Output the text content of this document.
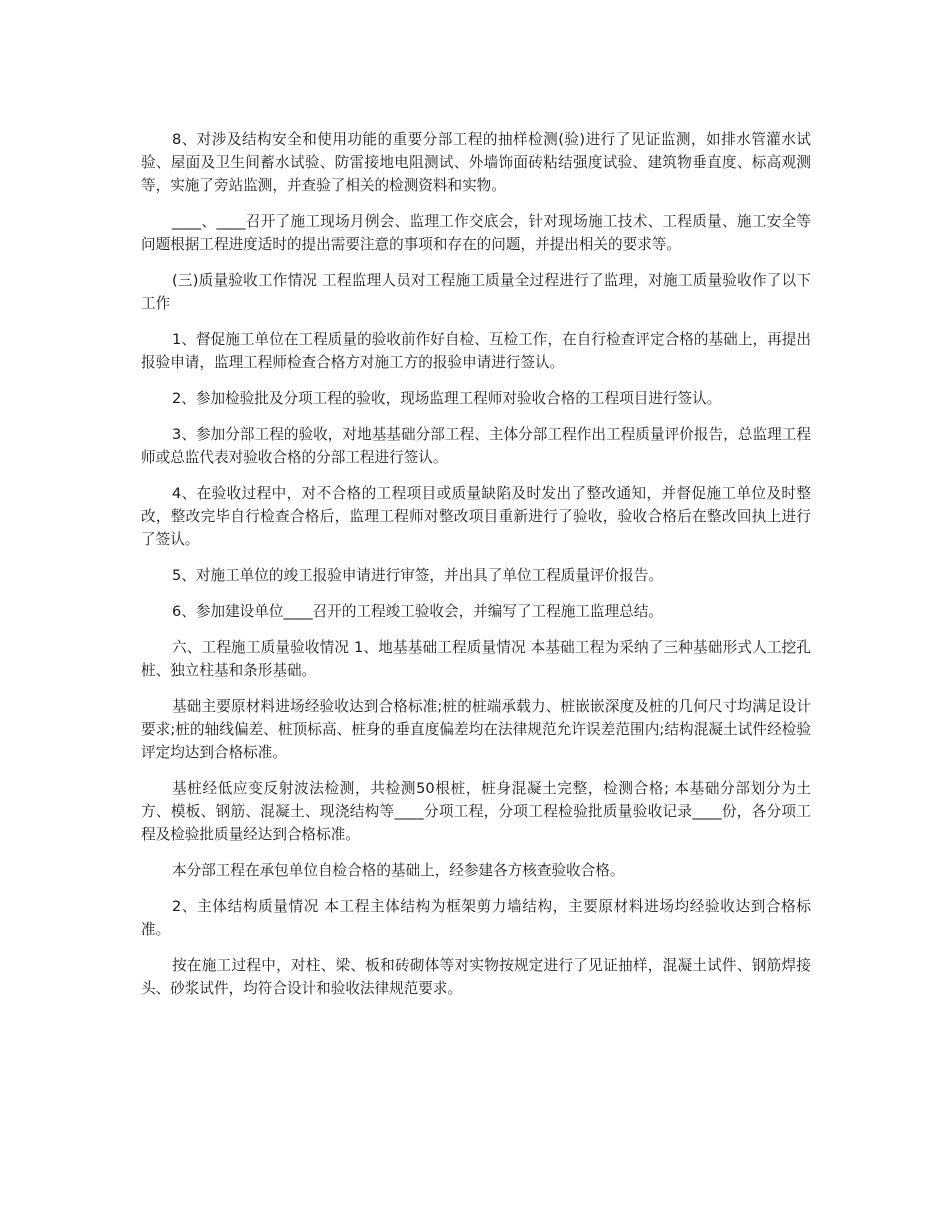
8、对涉及结构安全和使用功能的重要分部工程的抽样检测(验)进行了见证监测，如排水管灌水试验、屋面及卫生间蓄水试验、防雷接地电阻测试、外墙饰面砖粘结强度试验、建筑物垂直度、标高观测等，实施了旁站监测，并查验了相关的检测资料和实物。

____、____召开了施工现场月例会、监理工作交底会，针对现场施工技术、工程质量、施工安全等问题根据工程进度适时的提出需要注意的事项和存在的问题，并提出相关的要求等。

(三)质量验收工作情况 工程监理人员对工程施工质量全过程进行了监理，对施工质量验收作了以下工作

1、督促施工单位在工程质量的验收前作好自检、互检工作，在自行检查评定合格的基础上，再提出报验申请，监理工程师检查合格方对施工方的报验申请进行签认。

2、参加检验批及分项工程的验收，现场监理工程师对验收合格的工程项目进行签认。

3、参加分部工程的验收，对地基基础分部工程、主体分部工程作出工程质量评价报告，总监理工程师或总监代表对验收合格的分部工程进行签认。

4、在验收过程中，对不合格的工程项目或质量缺陷及时发出了整改通知，并督促施工单位及时整改，整改完毕自行检查合格后，监理工程师对整改项目重新进行了验收，验收合格后在整改回执上进行了签认。

5、对施工单位的竣工报验申请进行审签，并出具了单位工程质量评价报告。

6、参加建设单位____召开的工程竣工验收会，并编写了工程施工监理总结。

六、工程施工质量验收情况 1、地基基础工程质量情况 本基础工程为采纳了三种基础形式人工挖孔桩、独立柱基和条形基础。

基础主要原材料进场经验收达到合格标准;桩的桩端承载力、桩嵌嵌深度及桩的几何尺寸均满足设计要求;桩的轴线偏差、桩顶标高、桩身的垂直度偏差均在法律规范允许误差范围内;结构混凝土试件经检验评定均达到合格标准。

基桩经低应变反射波法检测，共检测50根桩，桩身混凝土完整，检测合格; 本基础分部划分为土方、模板、钢筋、混凝土、现浇结构等____分项工程，分项工程检验批质量验收记录____份，各分项工程及检验批质量经达到合格标准。

本分部工程在承包单位自检合格的基础上，经参建各方核查验收合格。

2、主体结构质量情况 本工程主体结构为框架剪力墙结构，主要原材料进场均经验收达到合格标准。

按在施工过程中，对柱、梁、板和砖砌体等对实物按规定进行了见证抽样，混凝土试件、钢筋焊接头、砂浆试件，均符合设计和验收法律规范要求。
